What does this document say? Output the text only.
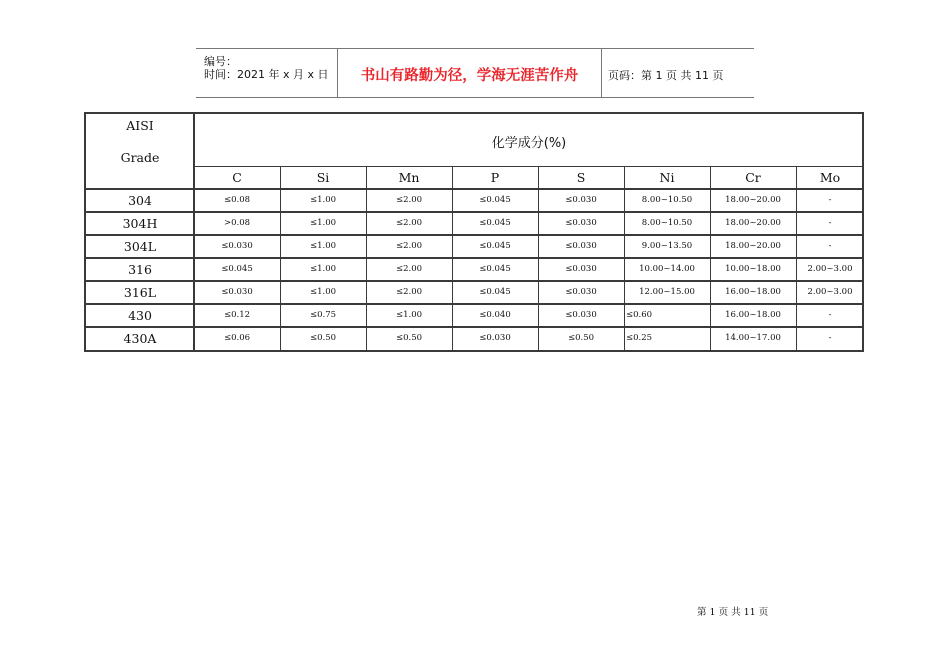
编号：
时间：2021 年 x 月 x 日	书山有路勤为径，学海无涯苦作舟	页码：第 1 页 共 11 页
AISI
Grade
化学成分(%)
C	Si	Mn	P	S	Ni	Cr	Mo
304	≤0.08	≤1.00	≤2.00	≤0.045	≤0.030	8.00~10.50	18.00~20.00	-
304H	>0.08	≤1.00	≤2.00	≤0.045	≤0.030	8.00~10.50	18.00~20.00	-
304L	≤0.030	≤1.00	≤2.00	≤0.045	≤0.030	9.00~13.50	18.00~20.00	-
316	≤0.045	≤1.00	≤2.00	≤0.045	≤0.030	10.00~14.00	10.00~18.00	2.00~3.00
316L	≤0.030	≤1.00	≤2.00	≤0.045	≤0.030	12.00~15.00	16.00~18.00	2.00~3.00
430	≤0.12	≤0.75	≤1.00	≤0.040	≤0.030	≤0.60	16.00~18.00	-
430A	≤0.06	≤0.50	≤0.50	≤0.030	≤0.50	≤0.25	14.00~17.00	-
第 1 页 共 11 页
